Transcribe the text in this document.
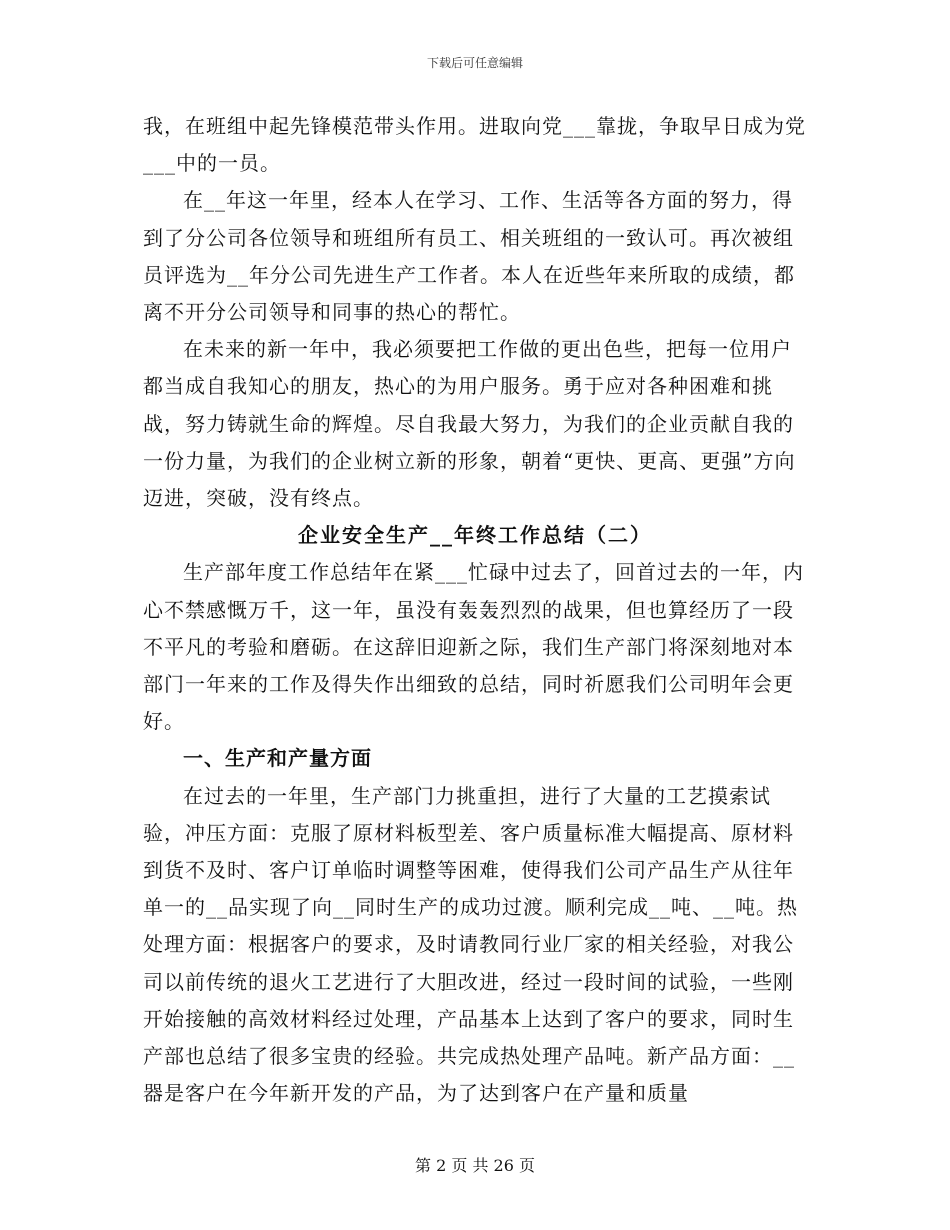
下载后可任意编辑

我，在班组中起先锋模范带头作用。进取向党___靠拢，争取早日成为党___中的一员。

在__年这一年里，经本人在学习、工作、生活等各方面的努力，得到了分公司各位领导和班组所有员工、相关班组的一致认可。再次被组员评选为__年分公司先进生产工作者。本人在近些年来所取的成绩，都离不开分公司领导和同事的热心的帮忙。

在未来的新一年中，我必须要把工作做的更出色些，把每一位用户都当成自我知心的朋友，热心的为用户服务。勇于应对各种困难和挑战，努力铸就生命的辉煌。尽自我最大努力，为我们的企业贡献自我的一份力量，为我们的企业树立新的形象，朝着“更快、更高、更强”方向迈进，突破，没有终点。

企业安全生产__年终工作总结（二）

生产部年度工作总结年在紧___忙碌中过去了，回首过去的一年，内心不禁感慨万千，这一年，虽没有轰轰烈烈的战果，但也算经历了一段不平凡的考验和磨砺。在这辞旧迎新之际，我们生产部门将深刻地对本部门一年来的工作及得失作出细致的总结，同时祈愿我们公司明年会更好。

一、生产和产量方面

在过去的一年里，生产部门力挑重担，进行了大量的工艺摸索试验，冲压方面：克服了原材料板型差、客户质量标准大幅提高、原材料到货不及时、客户订单临时调整等困难，使得我们公司产品生产从往年单一的__品实现了向__同时生产的成功过渡。顺利完成__吨、__吨。热处理方面：根据客户的要求，及时请教同行业厂家的相关经验，对我公司以前传统的退火工艺进行了大胆改进，经过一段时间的试验，一些刚开始接触的高效材料经过处理，产品基本上达到了客户的要求，同时生产部也总结了很多宝贵的经验。共完成热处理产品吨。新产品方面：__器是客户在今年新开发的产品，为了达到客户在产量和质量

第 2 页 共 26 页
